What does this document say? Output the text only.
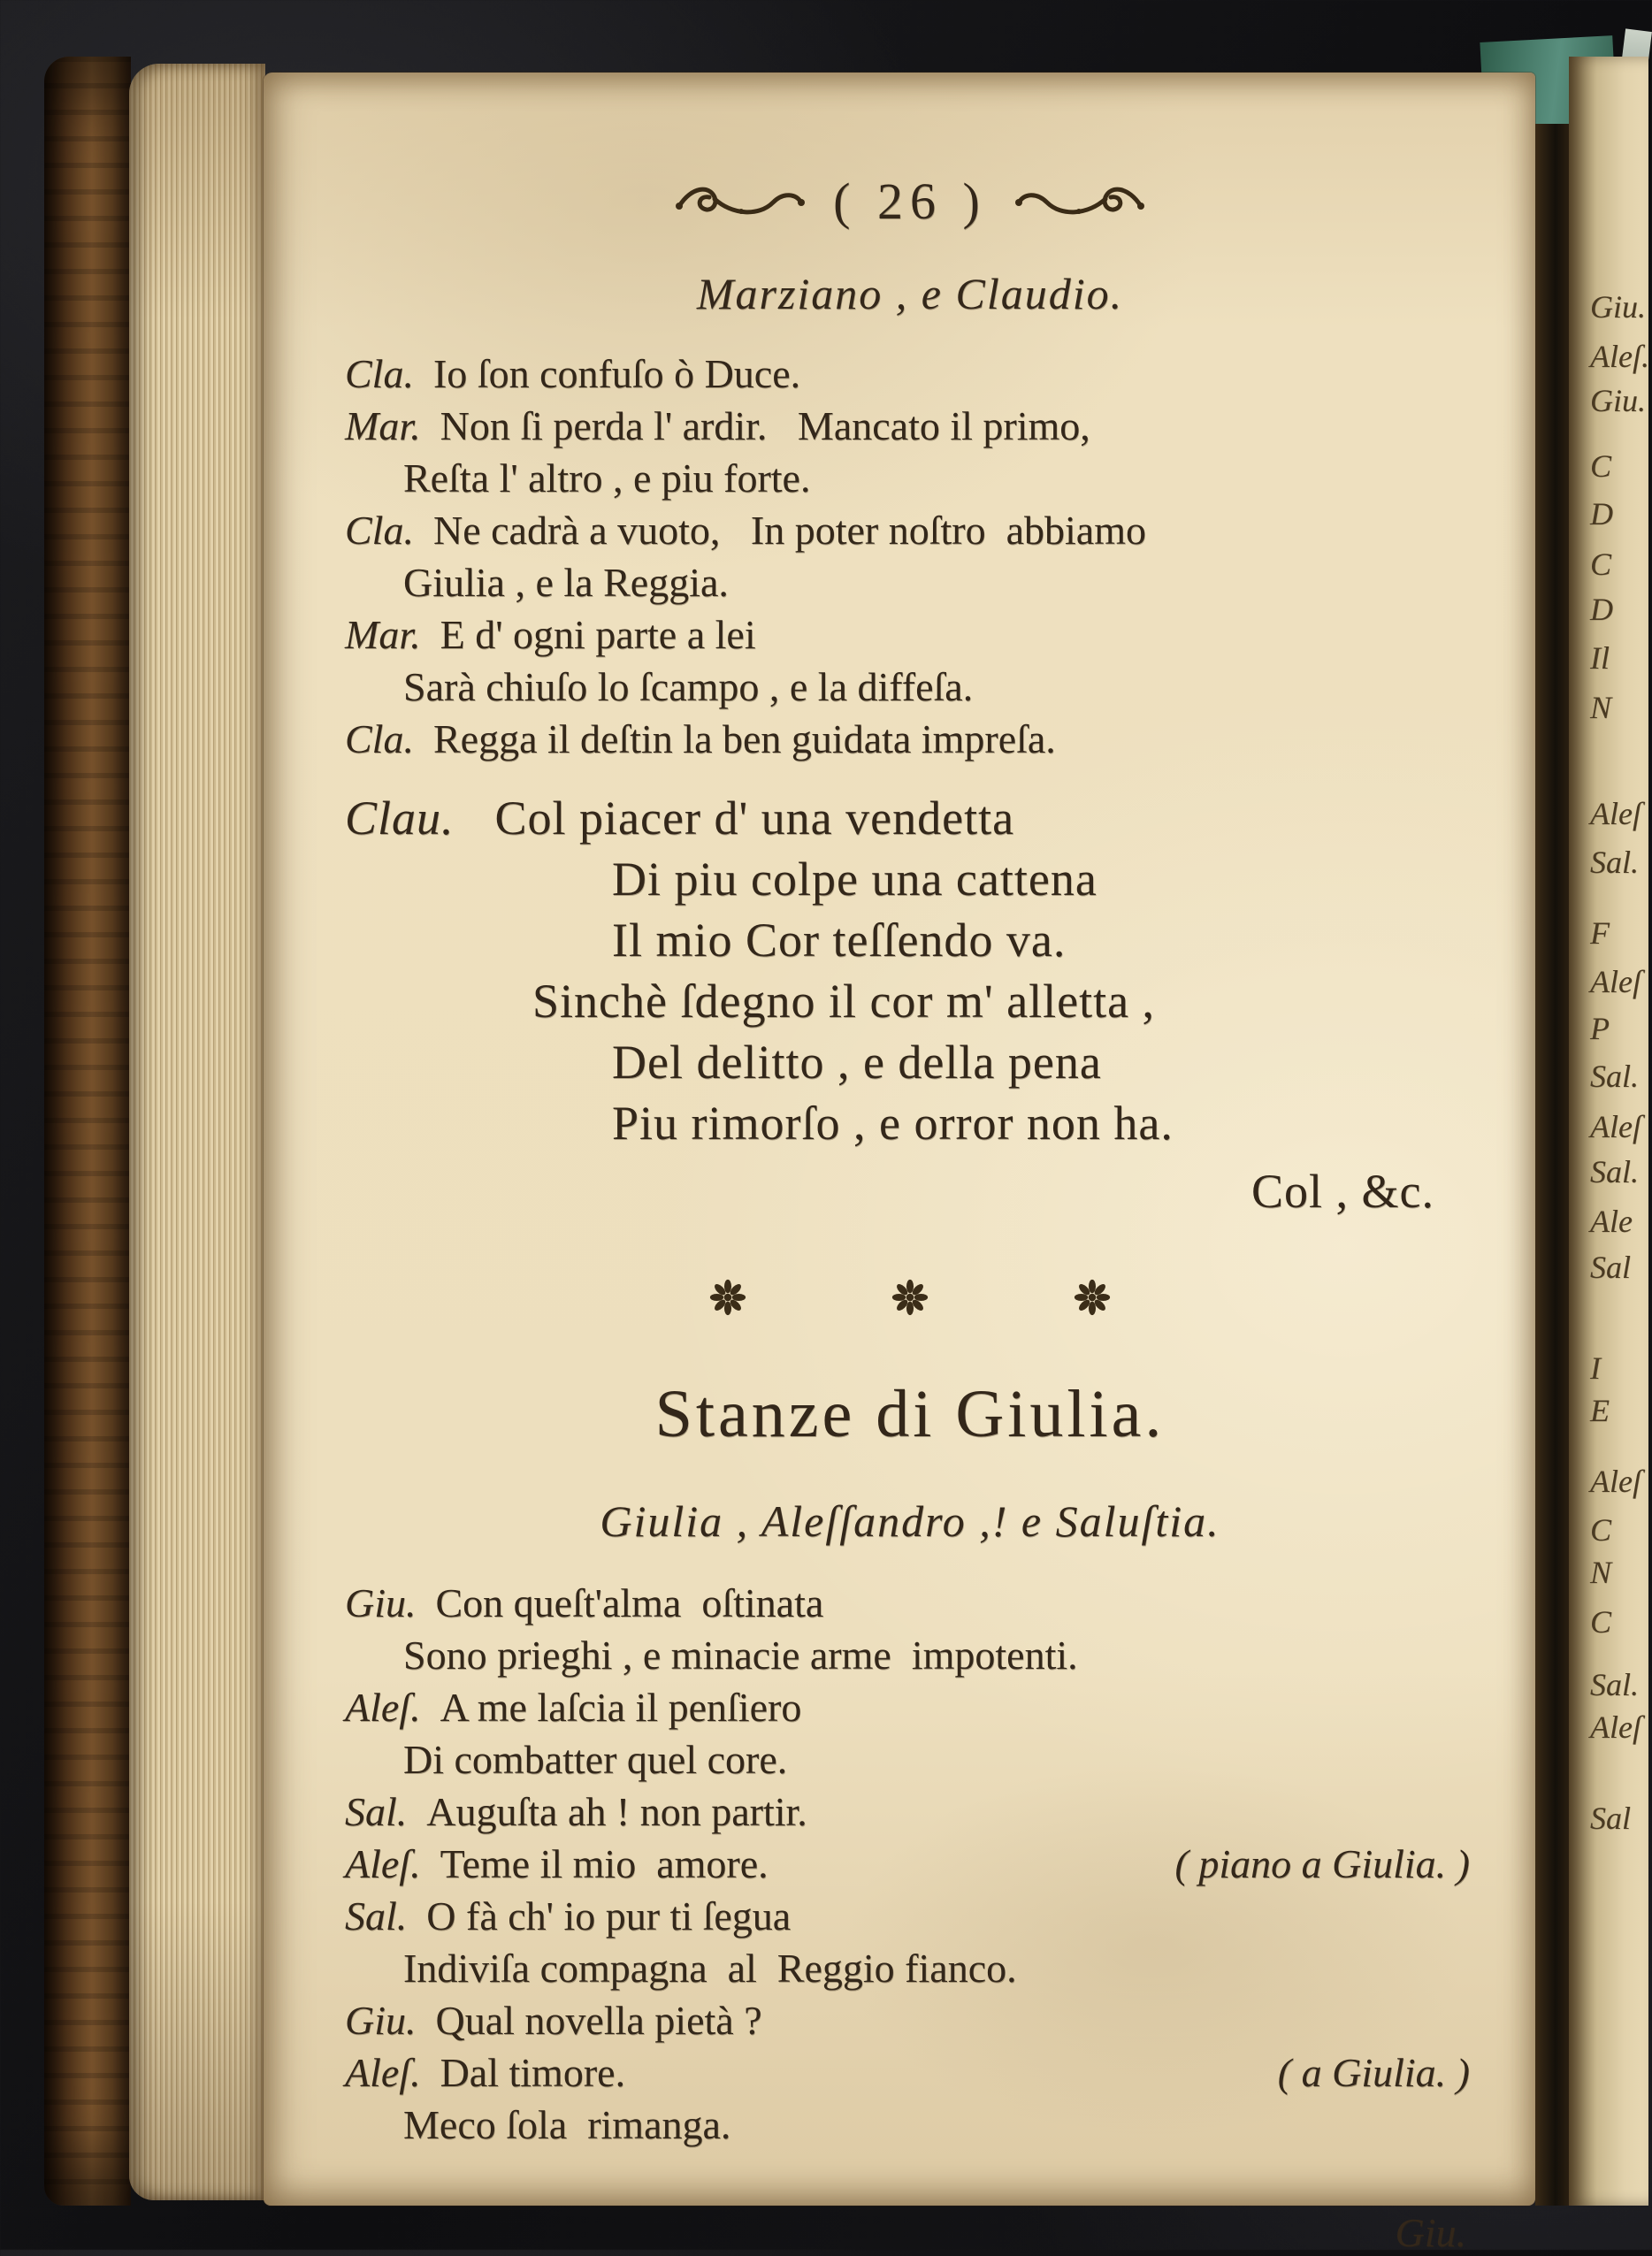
( 26 )
Marziano , e Claudio.
Cla. Io ſon confuſo ò Duce.
Mar. Non ſi perda l' ardir.   Mancato il primo,
Reſta l' altro , e piu forte.
Cla. Ne cadrà a vuoto,   In poter noſtro  abbiamo
Giulia , e la Reggia.
Mar. E d' ogni parte a lei
Sarà chiuſo lo ſcampo , e la diffeſa.
Cla. Regga il deſtin la ben guidata impreſa.
Clau. Col piacer d' una vendetta
Di piu colpe una cattena
Il mio Cor teſſendo va.
Sinchè ſdegno il cor m' alletta ,
Del delitto , e della pena
Piu rimorſo , e orror non ha.
Col , &c.
Stanze di Giulia.
Giulia , Aleſſandro ,! e Saluſtia.
Giu. Con queſt'alma  oſtinata
Sono prieghi , e minacie arme  impotenti.
Aleſ. A me laſcia il penſiero
Di combatter quel core.
Sal. Auguſta ah ! non partir.
Aleſ. Teme il mio  amore.	( piano a Giulia. )
Sal. O fà ch' io pur ti ſegua
Indiviſa compagna  al  Reggio fianco.
Giu. Qual novella pietà ?
Aleſ. Dal timore.	( a Giulia. )
Meco ſola  rimanga.
Giu.
Giu.
Aleſ.
Giu.
C
D
C
D
Il
N
Aleſ
Sal.
F
Aleſ
P
Sal.
Aleſ
Sal.
Ale
Sal
I
E
Aleſ
C
N
C
Sal.
Aleſ
Sal
